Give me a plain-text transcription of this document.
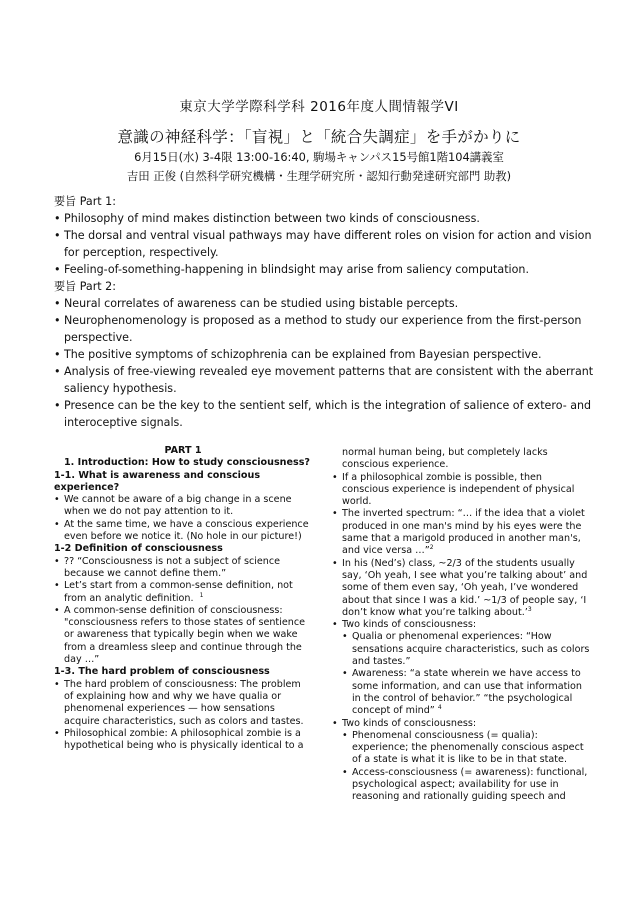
東京大学学際科学科 2016年度人間情報学VI
意識の神経科学：「盲視」と「統合失調症」を手がかりに
6月15日(水) 3-4限 13:00-16:40, 駒場キャンパス15号館1階104講義室
吉田 正俊 (自然科学研究機構・生理学研究所・認知行動発達研究部門 助教)

要旨 Part 1:

• Philosophy of mind makes distinction between two kinds of consciousness.
• The dorsal and ventral visual pathways may have different roles on vision for action and vision for perception, respectively.
• Feeling-of-something-happening in blindsight may arise from saliency computation.

要旨 Part 2:

• Neural correlates of awareness can be studied using bistable percepts.
• Neurophenomenology is proposed as a method to study our experience from the first-person perspective.
• The positive symptoms of schizophrenia can be explained from Bayesian perspective.
• Analysis of free-viewing revealed eye movement patterns that are consistent with the aberrant saliency hypothesis.
• Presence can be the key to the sentient self, which is the integration of salience of extero- and interoceptive signals.

PART 1

1. Introduction: How to study consciousness?

1-1. What is awareness and conscious experience?

• We cannot be aware of a big change in a scene when we do not pay attention to it.
• At the same time, we have a conscious experience even before we notice it. (No hole in our picture!)

1-2 Definition of consciousness

• ?? “Consciousness is not a subject of science because we cannot define them.”
• Let’s start from a common-sense definition, not from an analytic definition. $^1$
• A common-sense definition of consciousness: "consciousness refers to those states of sentience or awareness that typically begin when we wake from a dreamless sleep and continue through the day …”

1-3. The hard problem of consciousness

• The hard problem of consciousness: The problem of explaining how and why we have qualia or phenomenal experiences — how sensations acquire characteristics, such as colors and tastes.
• Philosophical zombie: A philosophical zombie is a hypothetical being who is physically identical to a

normal human being, but completely lacks conscious experience.

• If a philosophical zombie is possible, then conscious experience is independent of physical world.
• The inverted spectrum: “… if the idea that a violet produced in one man's mind by his eyes were the same that a marigold produced in another man's, and vice versa …”$^2$
• In his (Ned’s) class, ~2/3 of the students usually say, ‘Oh yeah, I see what you’re talking about’ and some of them even say, ‘Oh yeah, I’ve wondered about that since I was a kid.’ ~1/3 of people say, ‘I don’t know what you’re talking about.’$^3$
• Two kinds of consciousness:
• Qualia or phenomenal experiences: “How sensations acquire characteristics, such as colors and tastes.”
• Awareness: “a state wherein we have access to some information, and can use that information in the control of behavior.” “the psychological concept of mind” $^4$
• Two kinds of consciousness:
• Phenomenal consciousness (= qualia): experience; the phenomenally conscious aspect of a state is what it is like to be in that state.
• Access-consciousness (= awareness): functional, psychological aspect; availability for use in reasoning and rationally guiding speech and
